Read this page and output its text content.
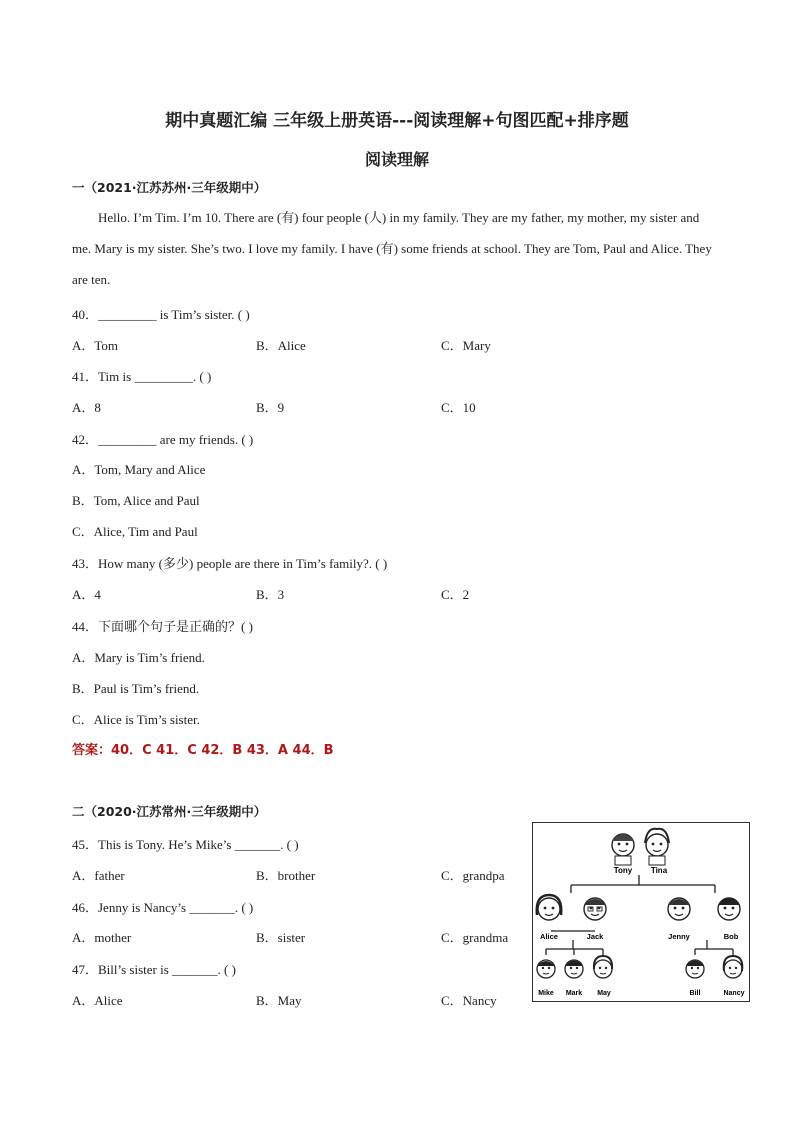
期中真题汇编 三年级上册英语---阅读理解+句图匹配+排序题
阅读理解
一（2021·江苏苏州·三年级期中）
Hello. I’m Tim. I’m 10. There are (有) four people (人) in my family. They are my father, my mother, my sister and me. Mary is my sister. She’s two. I love my family. I have (有) some friends at school. They are Tom, Paul and Alice. They are ten.
40．_________ is Tim’s sister. ( )
A．Tom	B．Alice	C．Mary
41．Tim is _________. ( )
A．8	B．9	C．10
42．_________ are my friends. ( )
A．Tom, Mary and Alice
B．Tom, Alice and Paul
C．Alice, Tim and Paul
43．How many (多少) people are there in Tim’s family?. ( )
A．4	B．3	C．2
44．下面哪个句子是正确的？( )
A．Mary is Tim’s friend.
B．Paul is Tim’s friend.
C．Alice is Tim’s sister.
答案：40．C 41．C 42．B 43．A 44．B
二（2020·江苏常州·三年级期中）
45．This is Tony. He’s Mike’s _______. ( )
A．father	B．brother	C．grandpa
46．Jenny is Nancy’s _______. ( )
A．mother	B．sister	C．grandma
47．Bill’s sister is _______. ( )
A．Alice	B．May	C．Nancy
Tony Tina
Alice	Jack	Jenny	Bob
Mike Mark May	Bill	Nancy
